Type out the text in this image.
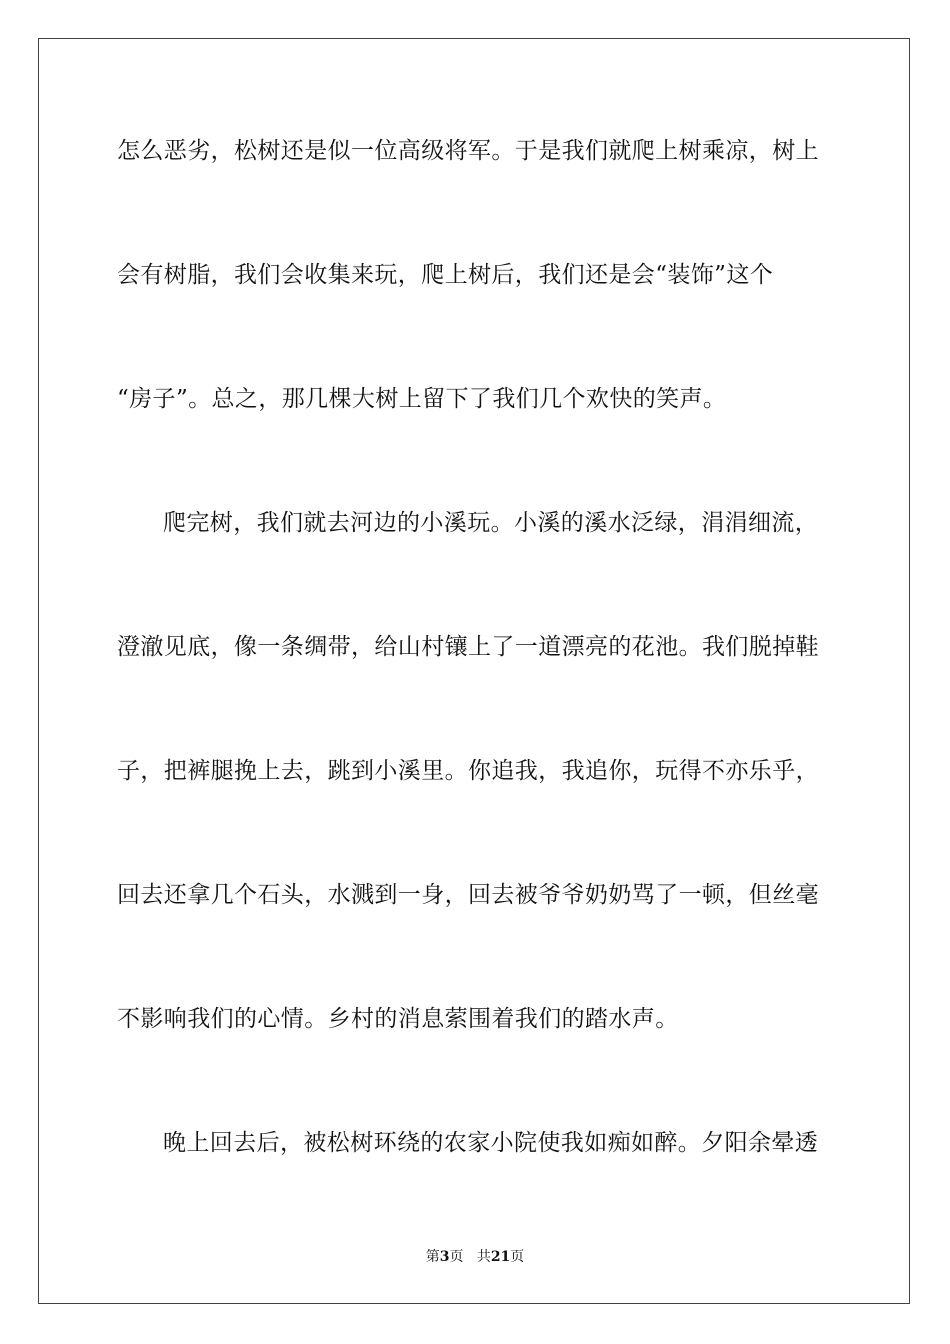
怎么恶劣，松树还是似一位高级将军。于是我们就爬上树乘凉，树上
会有树脂，我们会收集来玩，爬上树后，我们还是会“装饰”这个
“房子”。总之，那几棵大树上留下了我们几个欢快的笑声。
爬完树，我们就去河边的小溪玩。小溪的溪水泛绿，涓涓细流，
澄澈见底，像一条绸带，给山村镶上了一道漂亮的花池。我们脱掉鞋
子，把裤腿挽上去，跳到小溪里。你追我，我追你，玩得不亦乐乎，
回去还拿几个石头，水溅到一身，回去被爷爷奶奶骂了一顿，但丝毫
不影响我们的心情。乡村的消息萦围着我们的踏水声。
晚上回去后，被松树环绕的农家小院使我如痴如醉。夕阳余晕透
第3页 共21页
